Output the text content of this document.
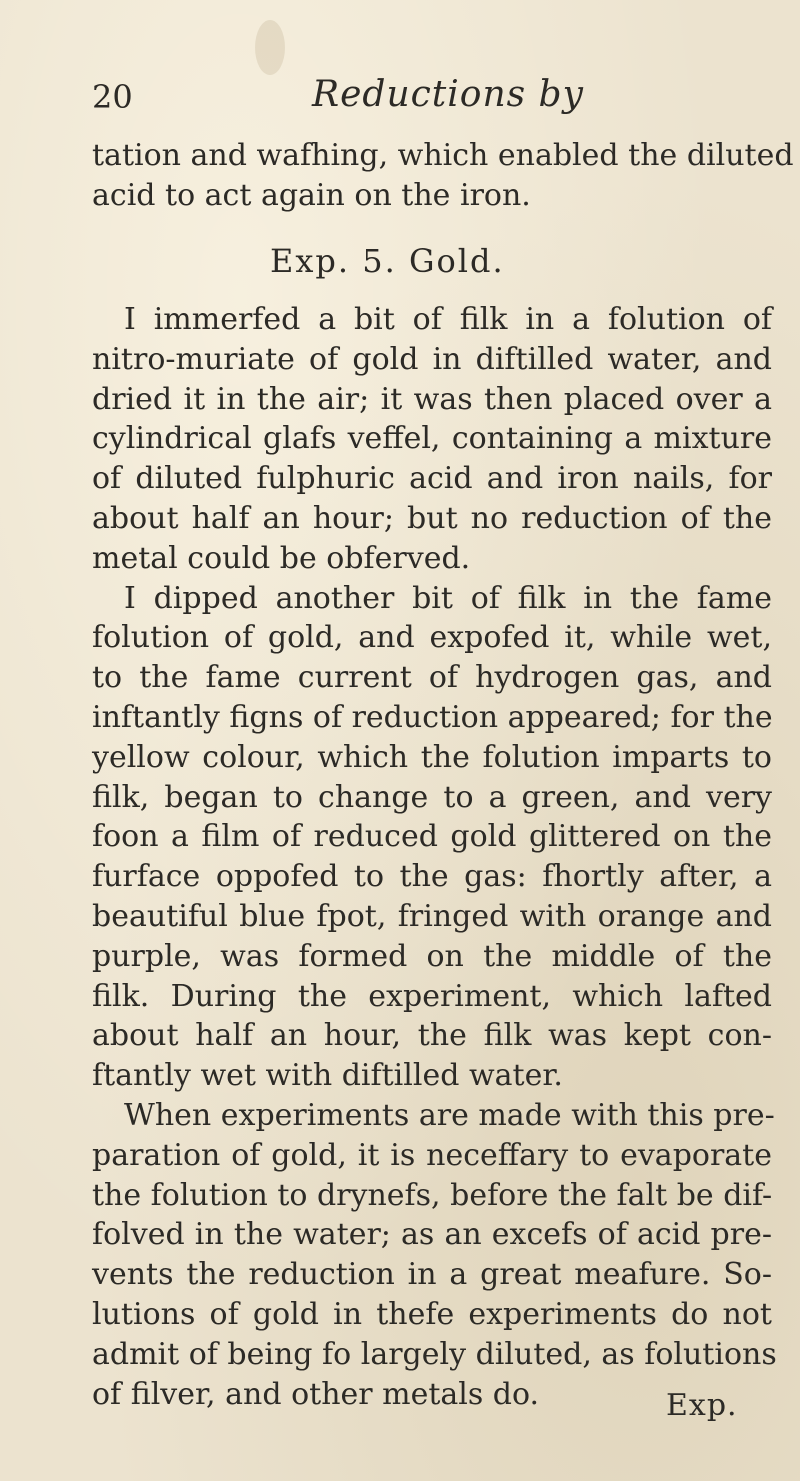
20	Reductions by
tation and wafhing, which enabled the diluted
acid to act again on the iron.
Exp. 5. Gold.
I immerfed a bit of filk in a folution of
nitro-muriate of gold in diftilled water, and
dried it in the air; it was then placed over a
cylindrical glafs veffel, containing a mixture
of diluted fulphuric acid and iron nails, for
about half an hour; but no reduction of the
metal could be obferved.
I dipped another bit of filk in the fame
folution of gold, and expofed it, while wet,
to the fame current of hydrogen gas, and
inftantly figns of reduction appeared; for the
yellow colour, which the folution imparts to
filk, began to change to a green, and very
foon a film of reduced gold glittered on the
furface oppofed to the gas: fhortly after, a
beautiful blue fpot, fringed with orange and
purple, was formed on the middle of the
filk. During the experiment, which lafted
about half an hour, the filk was kept con-
ftantly wet with diftilled water.
When experiments are made with this pre-
paration of gold, it is neceffary to evaporate
the folution to drynefs, before the falt be dif-
folved in the water; as an excefs of acid pre-
vents the reduction in a great meafure. So-
lutions of gold in thefe experiments do not
admit of being fo largely diluted, as folutions
of filver, and other metals do.	Exp.
